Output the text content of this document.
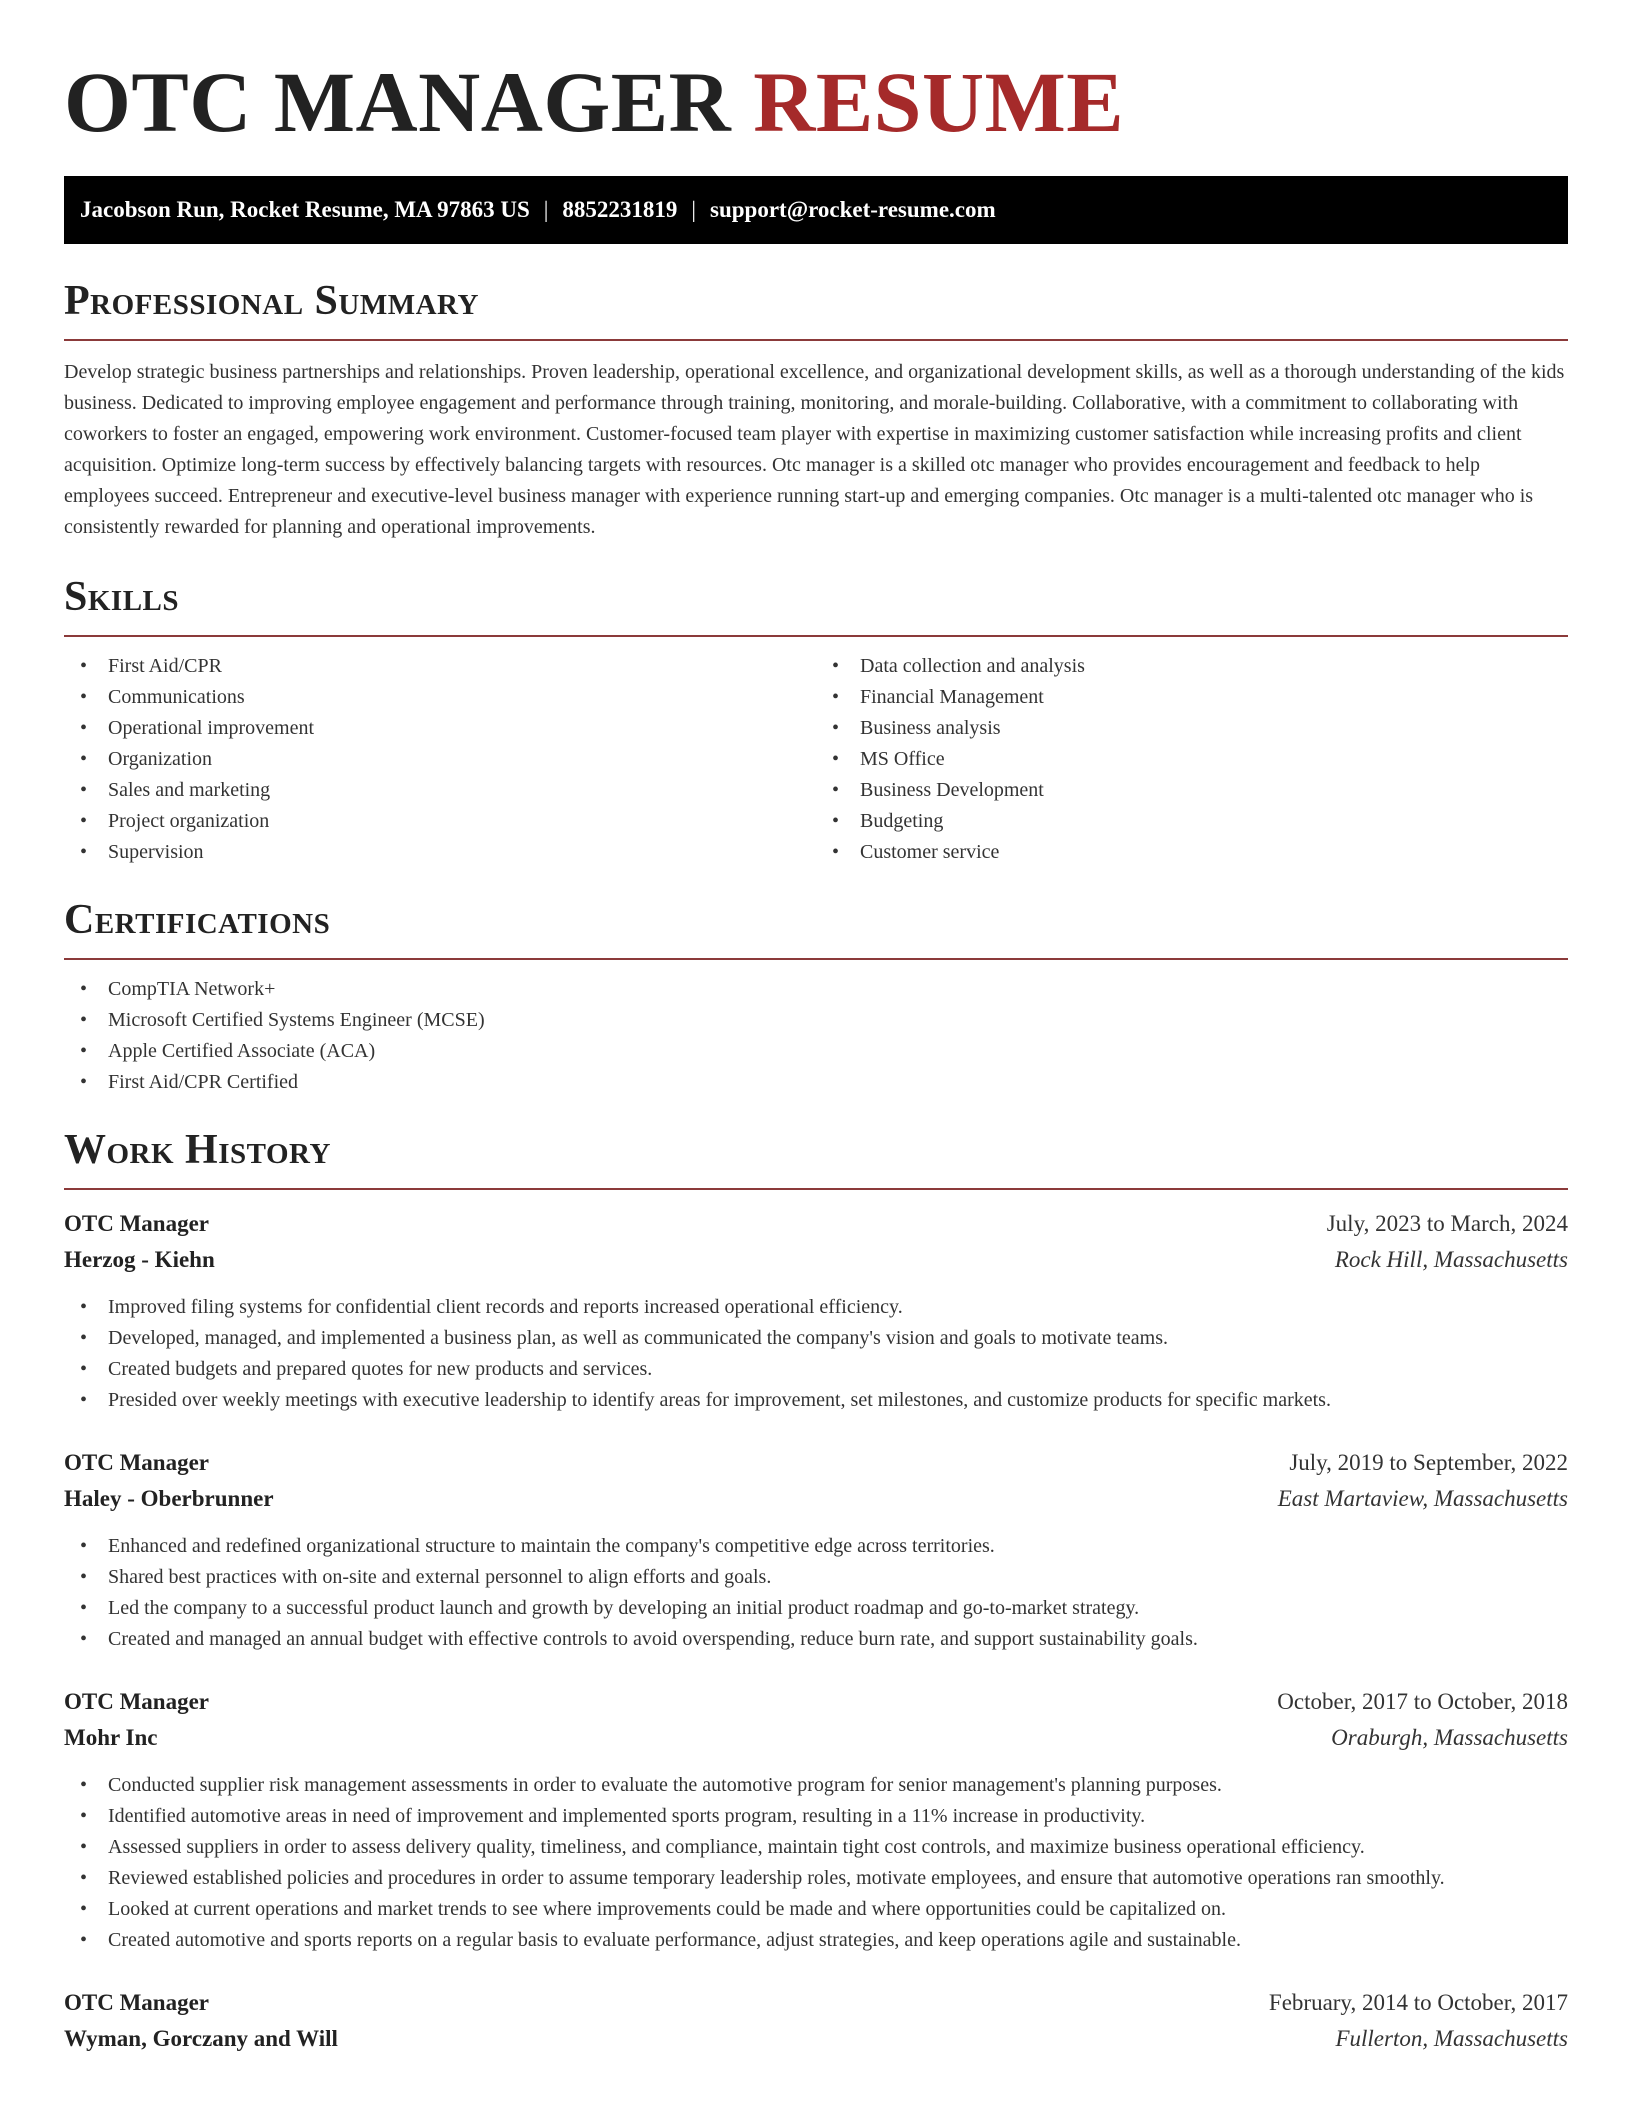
OTC MANAGER RESUME
Jacobson Run, Rocket Resume, MA 97863 US | 8852231819 | support@rocket-resume.com
Professional Summary

Develop strategic business partnerships and relationships. Proven leadership, operational excellence, and organizational development skills, as well as a thorough understanding of the kids business. Dedicated to improving employee engagement and performance through training, monitoring, and morale-building. Collaborative, with a commitment to collaborating with coworkers to foster an engaged, empowering work environment. Customer-focused team player with expertise in maximizing customer satisfaction while increasing profits and client acquisition. Optimize long-term success by effectively balancing targets with resources. Otc manager is a skilled otc manager who provides encouragement and feedback to help employees succeed. Entrepreneur and executive-level business manager with experience running start-up and emerging companies. Otc manager is a multi-talented otc manager who is consistently rewarded for planning and operational improvements.

Skills
• First Aid/CPR
• Communications
• Operational improvement
• Organization
• Sales and marketing
• Project organization
• Supervision
• Data collection and analysis
• Financial Management
• Business analysis
• MS Office
• Business Development
• Budgeting
• Customer service
Certifications
• CompTIA Network+
• Microsoft Certified Systems Engineer (MCSE)
• Apple Certified Associate (ACA)
• First Aid/CPR Certified
Work History
OTC Manager	July, 2023 to March, 2024
Herzog - Kiehn	Rock Hill, Massachusetts
• Improved filing systems for confidential client records and reports increased operational efficiency.
• Developed, managed, and implemented a business plan, as well as communicated the company's vision and goals to motivate teams.
• Created budgets and prepared quotes for new products and services.
• Presided over weekly meetings with executive leadership to identify areas for improvement, set milestones, and customize products for specific markets.
OTC Manager	July, 2019 to September, 2022
Haley - Oberbrunner	East Martaview, Massachusetts
• Enhanced and redefined organizational structure to maintain the company's competitive edge across territories.
• Shared best practices with on-site and external personnel to align efforts and goals.
• Led the company to a successful product launch and growth by developing an initial product roadmap and go-to-market strategy.
• Created and managed an annual budget with effective controls to avoid overspending, reduce burn rate, and support sustainability goals.
OTC Manager	October, 2017 to October, 2018
Mohr Inc	Oraburgh, Massachusetts
• Conducted supplier risk management assessments in order to evaluate the automotive program for senior management's planning purposes.
• Identified automotive areas in need of improvement and implemented sports program, resulting in a 11% increase in productivity.
• Assessed suppliers in order to assess delivery quality, timeliness, and compliance, maintain tight cost controls, and maximize business operational efficiency.
• Reviewed established policies and procedures in order to assume temporary leadership roles, motivate employees, and ensure that automotive operations ran smoothly.
• Looked at current operations and market trends to see where improvements could be made and where opportunities could be capitalized on.
• Created automotive and sports reports on a regular basis to evaluate performance, adjust strategies, and keep operations agile and sustainable.
OTC Manager	February, 2014 to October, 2017
Wyman, Gorczany and Will	Fullerton, Massachusetts
